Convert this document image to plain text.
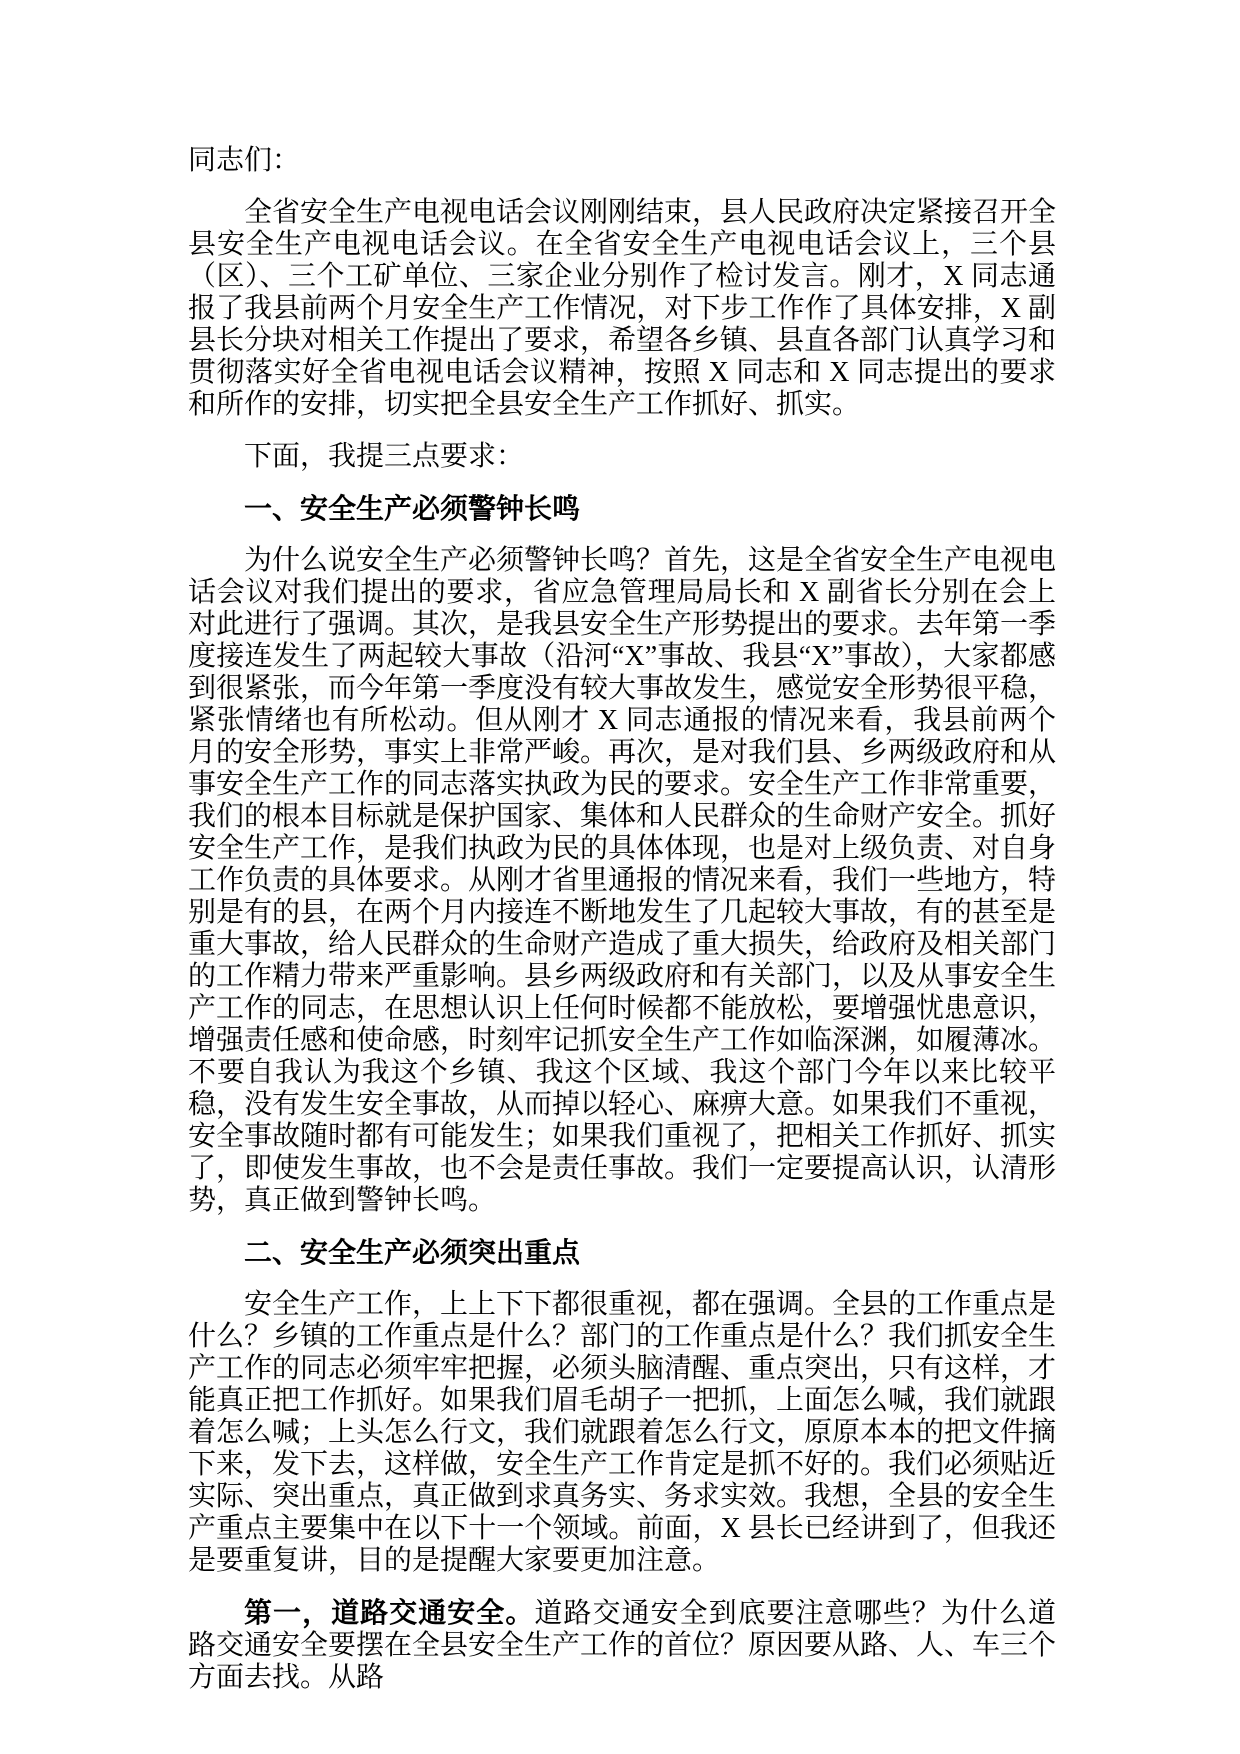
同志们：

全省安全生产电视电话会议刚刚结束，县人民政府决定紧接召开全县安全生产电视电话会议。在全省安全生产电视电话会议上，三个县（区）、三个工矿单位、三家企业分别作了检讨发言。刚才，X 同志通报了我县前两个月安全生产工作情况，对下步工作作了具体安排，X 副县长分块对相关工作提出了要求，希望各乡镇、县直各部门认真学习和贯彻落实好全省电视电话会议精神，按照 X 同志和 X 同志提出的要求和所作的安排，切实把全县安全生产工作抓好、抓实。

下面，我提三点要求：

一、安全生产必须警钟长鸣

为什么说安全生产必须警钟长鸣？首先，这是全省安全生产电视电话会议对我们提出的要求，省应急管理局局长和 X 副省长分别在会上对此进行了强调。其次，是我县安全生产形势提出的要求。去年第一季度接连发生了两起较大事故（沿河“X”事故、我县“X”事故），大家都感到很紧张，而今年第一季度没有较大事故发生，感觉安全形势很平稳，紧张情绪也有所松动。但从刚才 X 同志通报的情况来看，我县前两个月的安全形势，事实上非常严峻。再次，是对我们县、乡两级政府和从事安全生产工作的同志落实执政为民的要求。安全生产工作非常重要，我们的根本目标就是保护国家、集体和人民群众的生命财产安全。抓好安全生产工作，是我们执政为民的具体体现，也是对上级负责、对自身工作负责的具体要求。从刚才省里通报的情况来看，我们一些地方，特别是有的县，在两个月内接连不断地发生了几起较大事故，有的甚至是重大事故，给人民群众的生命财产造成了重大损失，给政府及相关部门的工作精力带来严重影响。县乡两级政府和有关部门，以及从事安全生产工作的同志，在思想认识上任何时候都不能放松，要增强忧患意识，增强责任感和使命感，时刻牢记抓安全生产工作如临深渊，如履薄冰。不要自我认为我这个乡镇、我这个区域、我这个部门今年以来比较平稳，没有发生安全事故，从而掉以轻心、麻痹大意。如果我们不重视，安全事故随时都有可能发生；如果我们重视了，把相关工作抓好、抓实了，即使发生事故，也不会是责任事故。我们一定要提高认识，认清形势，真正做到警钟长鸣。

二、安全生产必须突出重点

安全生产工作，上上下下都很重视，都在强调。全县的工作重点是什么？乡镇的工作重点是什么？部门的工作重点是什么？我们抓安全生产工作的同志必须牢牢把握，必须头脑清醒、重点突出，只有这样，才能真正把工作抓好。如果我们眉毛胡子一把抓，上面怎么喊，我们就跟着怎么喊；上头怎么行文，我们就跟着怎么行文，原原本本的把文件摘下来，发下去，这样做，安全生产工作肯定是抓不好的。我们必须贴近实际、突出重点，真正做到求真务实、务求实效。我想，全县的安全生产重点主要集中在以下十一个领域。前面，X 县长已经讲到了，但我还是要重复讲，目的是提醒大家要更加注意。

第一，道路交通安全。道路交通安全到底要注意哪些？为什么道路交通安全要摆在全县安全生产工作的首位？原因要从路、人、车三个方面去找。从路
